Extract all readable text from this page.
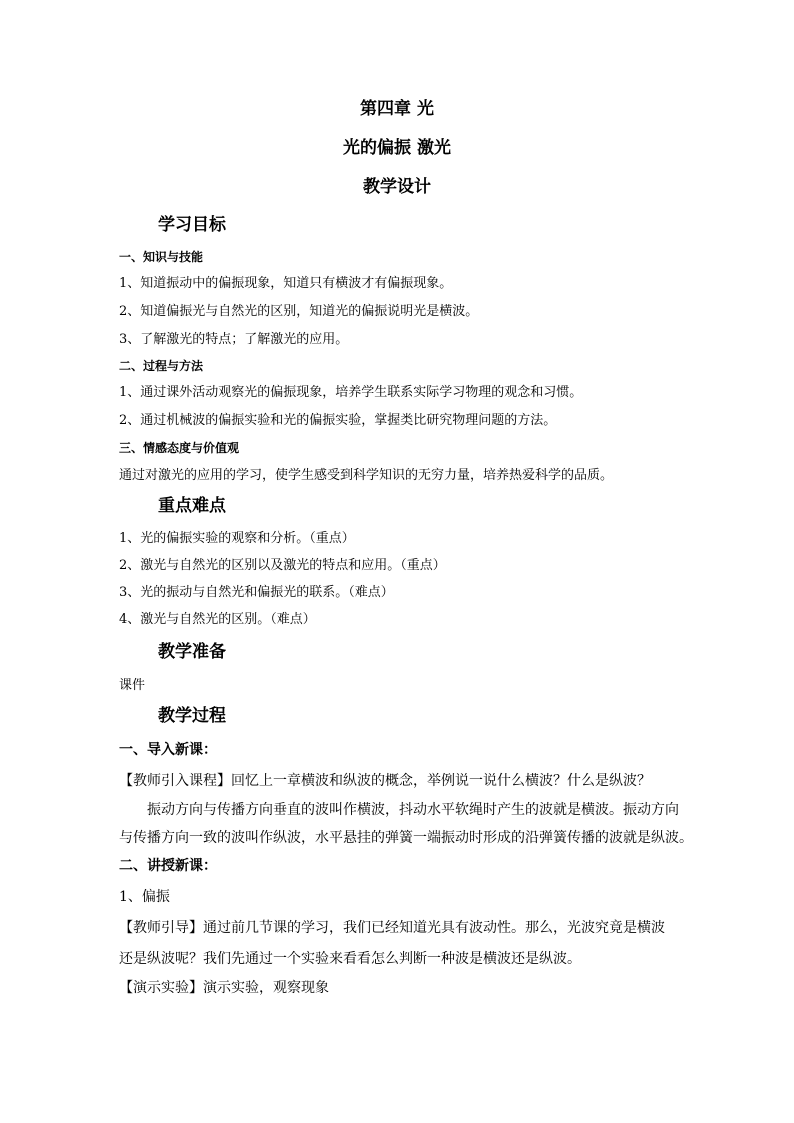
第四章 光
光的偏振 激光
教学设计
学习目标
一、知识与技能
1、知道振动中的偏振现象，知道只有横波才有偏振现象。
2、知道偏振光与自然光的区别，知道光的偏振说明光是横波。
3、了解激光的特点；了解激光的应用。
二、过程与方法
1、通过课外活动观察光的偏振现象，培养学生联系实际学习物理的观念和习惯。
2、通过机械波的偏振实验和光的偏振实验，掌握类比研究物理问题的方法。
三、情感态度与价值观
通过对激光的应用的学习，使学生感受到科学知识的无穷力量，培养热爱科学的品质。
重点难点
1、光的偏振实验的观察和分析。（重点）
2、激光与自然光的区别以及激光的特点和应用。（重点）
3、光的振动与自然光和偏振光的联系。（难点）
4、激光与自然光的区别。（难点）
教学准备
课件
教学过程
一、导入新课：
【教师引入课程】回忆上一章横波和纵波的概念，举例说一说什么横波？什么是纵波？
振动方向与传播方向垂直的波叫作横波，抖动水平软绳时产生的波就是横波。振动方向
与传播方向一致的波叫作纵波，水平悬挂的弹簧一端振动时形成的沿弹簧传播的波就是纵波。
二、讲授新课：
1、偏振
【教师引导】通过前几节课的学习，我们已经知道光具有波动性。那么，光波究竟是横波
还是纵波呢？我们先通过一个实验来看看怎么判断一种波是横波还是纵波。
【演示实验】演示实验，观察现象
